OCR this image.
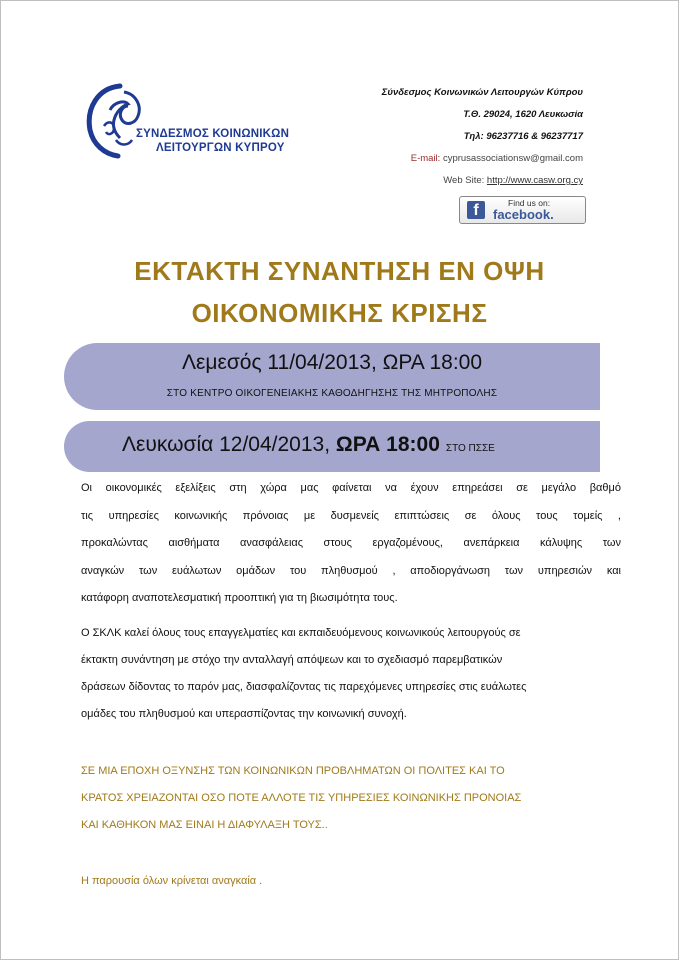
ΣΥΝΔΕΣΜΟΣ ΚΟΙΝΩΝΙΚΩΝ
ΛΕΙΤΟΥΡΓΩΝ ΚΥΠΡΟΥ
Σύνδεσμος Κοινωνικών Λειτουργών Κύπρου
Τ.Θ. 29024, 1620 Λευκωσία
Τηλ: 96237716 & 96237717
E-mail: cyprusassociationsw@gmail.com
Web Site: http://www.casw.org.cy
f	Find us on:
facebook.
ΕΚΤΑΚΤΗ ΣΥΝΑΝΤΗΣΗ ΕΝ ΟΨΗ
ΟΙΚΟΝΟΜΙΚΗΣ ΚΡΙΣΗΣ
Λεμεσός 11/04/2013, ΩΡΑ 18:00
ΣΤΟ ΚΕΝΤΡΟ ΟΙΚΟΓΕΝΕΙΑΚΗΣ ΚΑΘΟΔΗΓΗΣΗΣ ΤΗΣ ΜΗΤΡΟΠΟΛΗΣ
Λευκωσία 12/04/2013, ΩΡΑ 18:00 ΣΤΟ ΠΣΣΕ
Οι οικονομικές εξελίξεις στη χώρα μας φαίνεται να έχουν επηρεάσει σε μεγάλο βαθμό
τις υπηρεσίες κοινωνικής πρόνοιας με δυσμενείς επιπτώσεις σε όλους τους τομείς ,
προκαλώντας αισθήματα ανασφάλειας στους εργαζομένους, ανεπάρκεια κάλυψης των
αναγκών των ευάλωτων ομάδων του πληθυσμού , αποδιοργάνωση των υπηρεσιών και
κατάφορη αναποτελεσματική προοπτική για τη βιωσιμότητα τους.
Ο ΣΚΛΚ καλεί όλους τους επαγγελματίες και εκπαιδευόμενους κοινωνικούς λειτουργούς σε
έκτακτη συνάντηση με στόχο την ανταλλαγή απόψεων και το σχεδιασμό παρεμβατικών
δράσεων δίδοντας το παρόν μας, διασφαλίζοντας τις παρεχόμενες υπηρεσίες στις ευάλωτες
ομάδες του πληθυσμού και υπερασπίζοντας την κοινωνική συνοχή.
ΣΕ ΜΙΑ ΕΠΟΧΗ ΟΞΥΝΣΗΣ ΤΩΝ ΚΟΙΝΩΝΙΚΩΝ ΠΡΟΒΛΗΜΑΤΩΝ ΟΙ ΠΟΛΙΤΕΣ ΚΑΙ ΤΟ
ΚΡΑΤΟΣ ΧΡΕΙΑΖΟΝΤΑΙ ΟΣΟ ΠΟΤΕ ΑΛΛΟΤΕ ΤΙΣ ΥΠΗΡΕΣΙΕΣ ΚΟΙΝΩΝΙΚΗΣ ΠΡΟΝΟΙΑΣ
ΚΑΙ ΚΑΘΗΚΟΝ ΜΑΣ ΕΙΝΑΙ Η ΔΙΑΦΥΛΑΞΗ ΤΟΥΣ..
Η παρουσία όλων κρίνεται αναγκαία .
